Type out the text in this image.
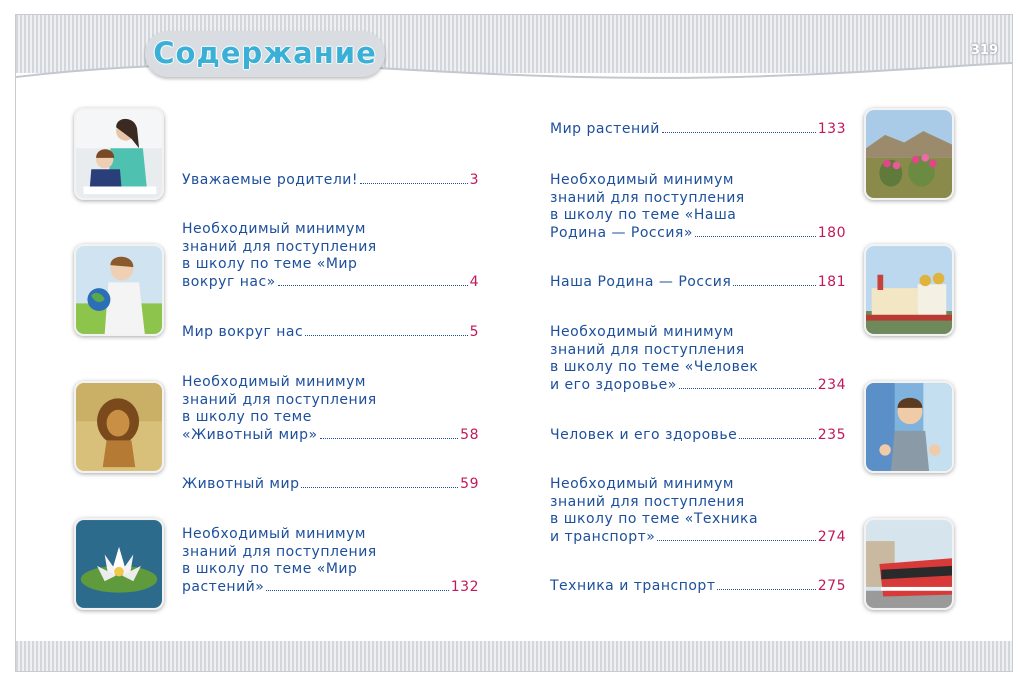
319
Содержание
Уважаемые родители!	3
Необходимый минимум
знаний для поступления
в школу по теме «Мир
вокруг нас»	4
Мир вокруг нас	5
Необходимый минимум
знаний для поступления
в школу по теме
«Животный мир»	58
Животный мир	59
Необходимый минимум
знаний для поступления
в школу по теме «Мир
растений»	132
Мир растений	133
Необходимый минимум
знаний для поступления
в школу по теме «Наша
Родина — Россия»	180
Наша Родина — Россия	181
Необходимый минимум
знаний для поступления
в школу по теме «Человек
и его здоровье»	234
Человек и его здоровье	235
Необходимый минимум
знаний для поступления
в школу по теме «Техника
и транспорт»	274
Техника и транспорт	275
